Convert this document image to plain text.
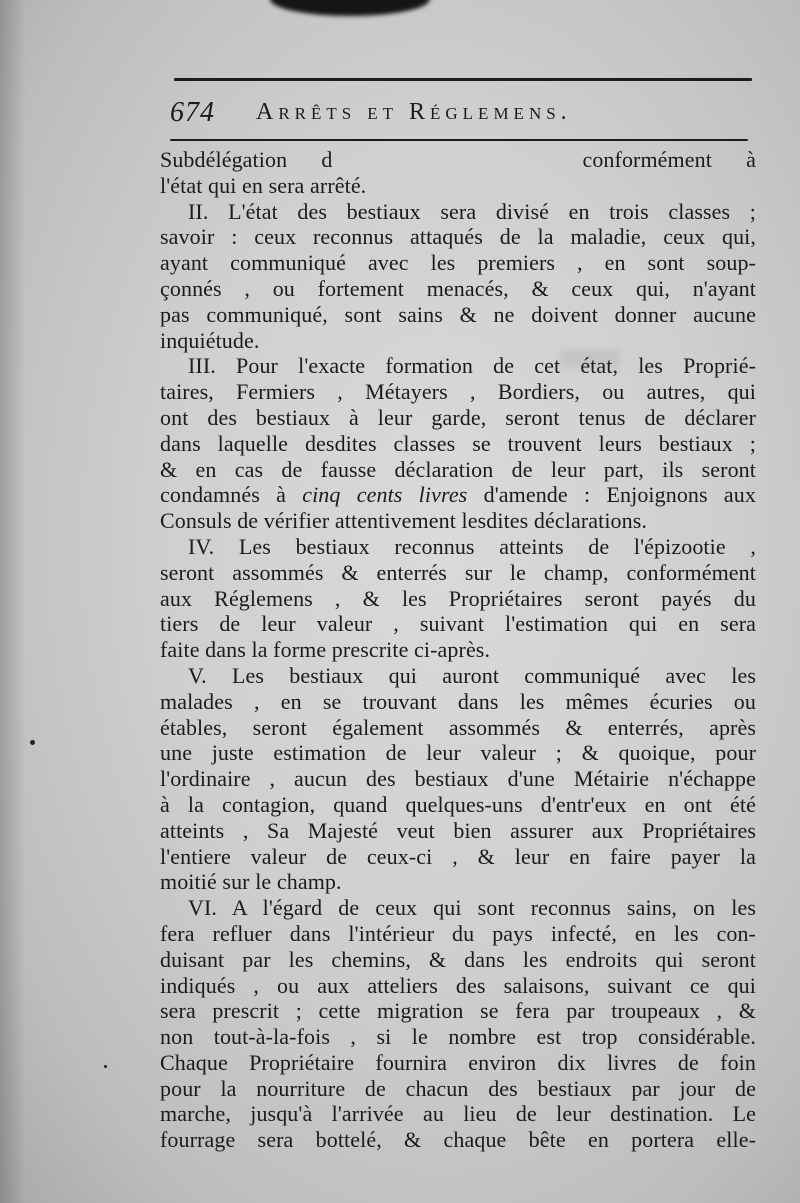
674 Arrêts et Réglemens.
Subdélégation d	conformément à
l'état qui en sera arrêté.
II. L'état des bestiaux sera divisé en trois classes ;
savoir : ceux reconnus attaqués de la maladie, ceux qui,
ayant communiqué avec les premiers , en sont soup-
çonnés , ou fortement menacés, & ceux qui, n'ayant
pas communiqué, sont sains & ne doivent donner aucune
inquiétude.
III. Pour l'exacte formation de cet état, les Proprié-
taires, Fermiers , Métayers , Bordiers, ou autres, qui
ont des bestiaux à leur garde, seront tenus de déclarer
dans laquelle desdites classes se trouvent leurs bestiaux ;
& en cas de fausse déclaration de leur part, ils seront
condamnés à cinq cents livres d'amende : Enjoignons aux
Consuls de vérifier attentivement lesdites déclarations.
IV. Les bestiaux reconnus atteints de l'épizootie ,
seront assommés & enterrés sur le champ, conformément
aux Réglemens , & les Propriétaires seront payés du
tiers de leur valeur , suivant l'estimation qui en sera
faite dans la forme prescrite ci-après.
V. Les bestiaux qui auront communiqué avec les
malades , en se trouvant dans les mêmes écuries ou
étables, seront également assommés & enterrés, après
une juste estimation de leur valeur ; & quoique, pour
l'ordinaire , aucun des bestiaux d'une Métairie n'échappe
à la contagion, quand quelques-uns d'entr'eux en ont été
atteints , Sa Majesté veut bien assurer aux Propriétaires
l'entiere valeur de ceux-ci , & leur en faire payer la
moitié sur le champ.
VI. A l'égard de ceux qui sont reconnus sains, on les
fera refluer dans l'intérieur du pays infecté, en les con-
duisant par les chemins, & dans les endroits qui seront
indiqués , ou aux atteliers des salaisons, suivant ce qui
sera prescrit ; cette migration se fera par troupeaux , &
non tout-à-la-fois , si le nombre est trop considérable.
Chaque Propriétaire fournira environ dix livres de foin
pour la nourriture de chacun des bestiaux par jour de
marche, jusqu'à l'arrivée au lieu de leur destination. Le
fourrage sera bottelé, & chaque bête en portera elle-
